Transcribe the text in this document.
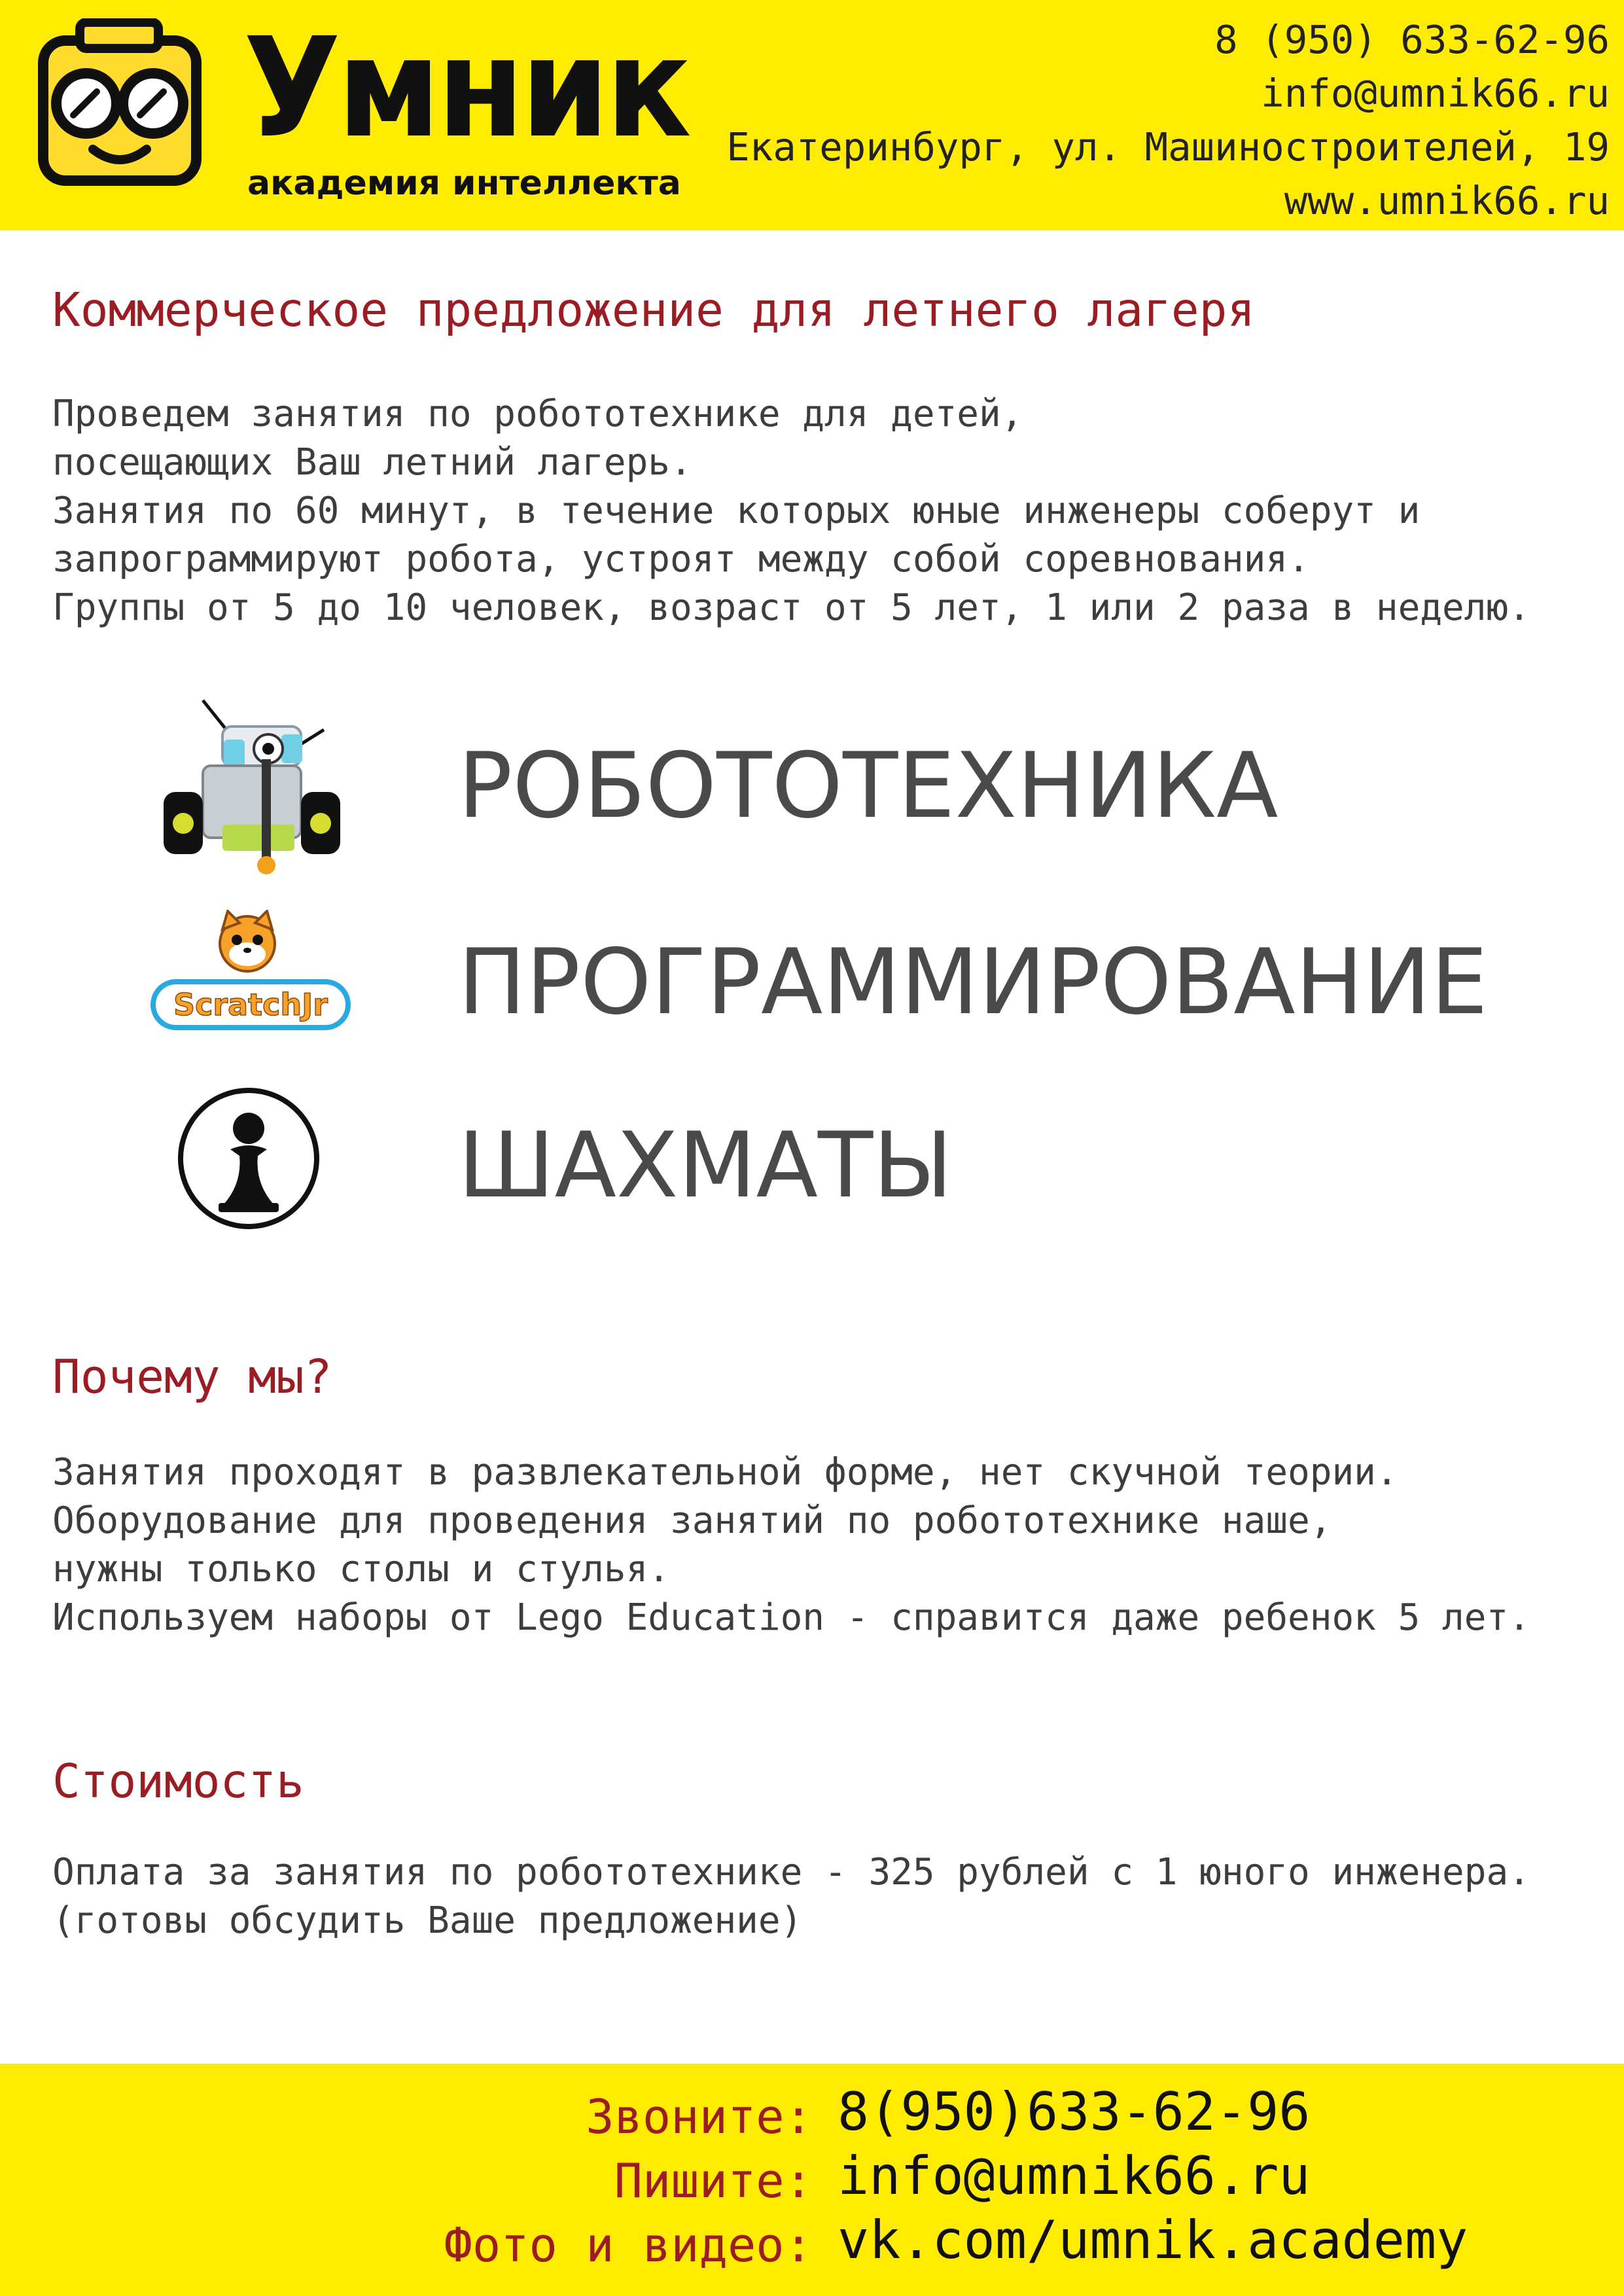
Умник
академия интеллекта
8 (950) 633-62-96
info@umnik66.ru
Екатеринбург, ул. Машиностроителей, 19
www.umnik66.ru
Коммерческое предложение для летнего лагеря
Проведем занятия по робототехнике для детей,
посещающих Ваш летний лагерь.
Занятия по 60 минут, в течение которых юные инженеры соберут и
запрограммируют робота, устроят между собой соревнования.
Группы от 5 до 10 человек, возраст от 5 лет, 1 или 2 раза в неделю.
РОБОТОТЕХНИКА
ScratchJr ПРОГРАММИРОВАНИЕ
ШАХМАТЫ
Почему мы?
Занятия проходят в развлекательной форме, нет скучной теории.
Оборудование для проведения занятий по робототехнике наше,
нужны только столы и стулья.
Используем наборы от Lego Education - справится даже ребенок 5 лет.
Стоимость
Оплата за занятия по робототехнике - 325 рублей с 1 юного инженера.
(готовы обсудить Ваше предложение)
Звоните:
Пишите:
Фото и видео:
8(950)633-62-96
info@umnik66.ru
vk.com/umnik.academy
